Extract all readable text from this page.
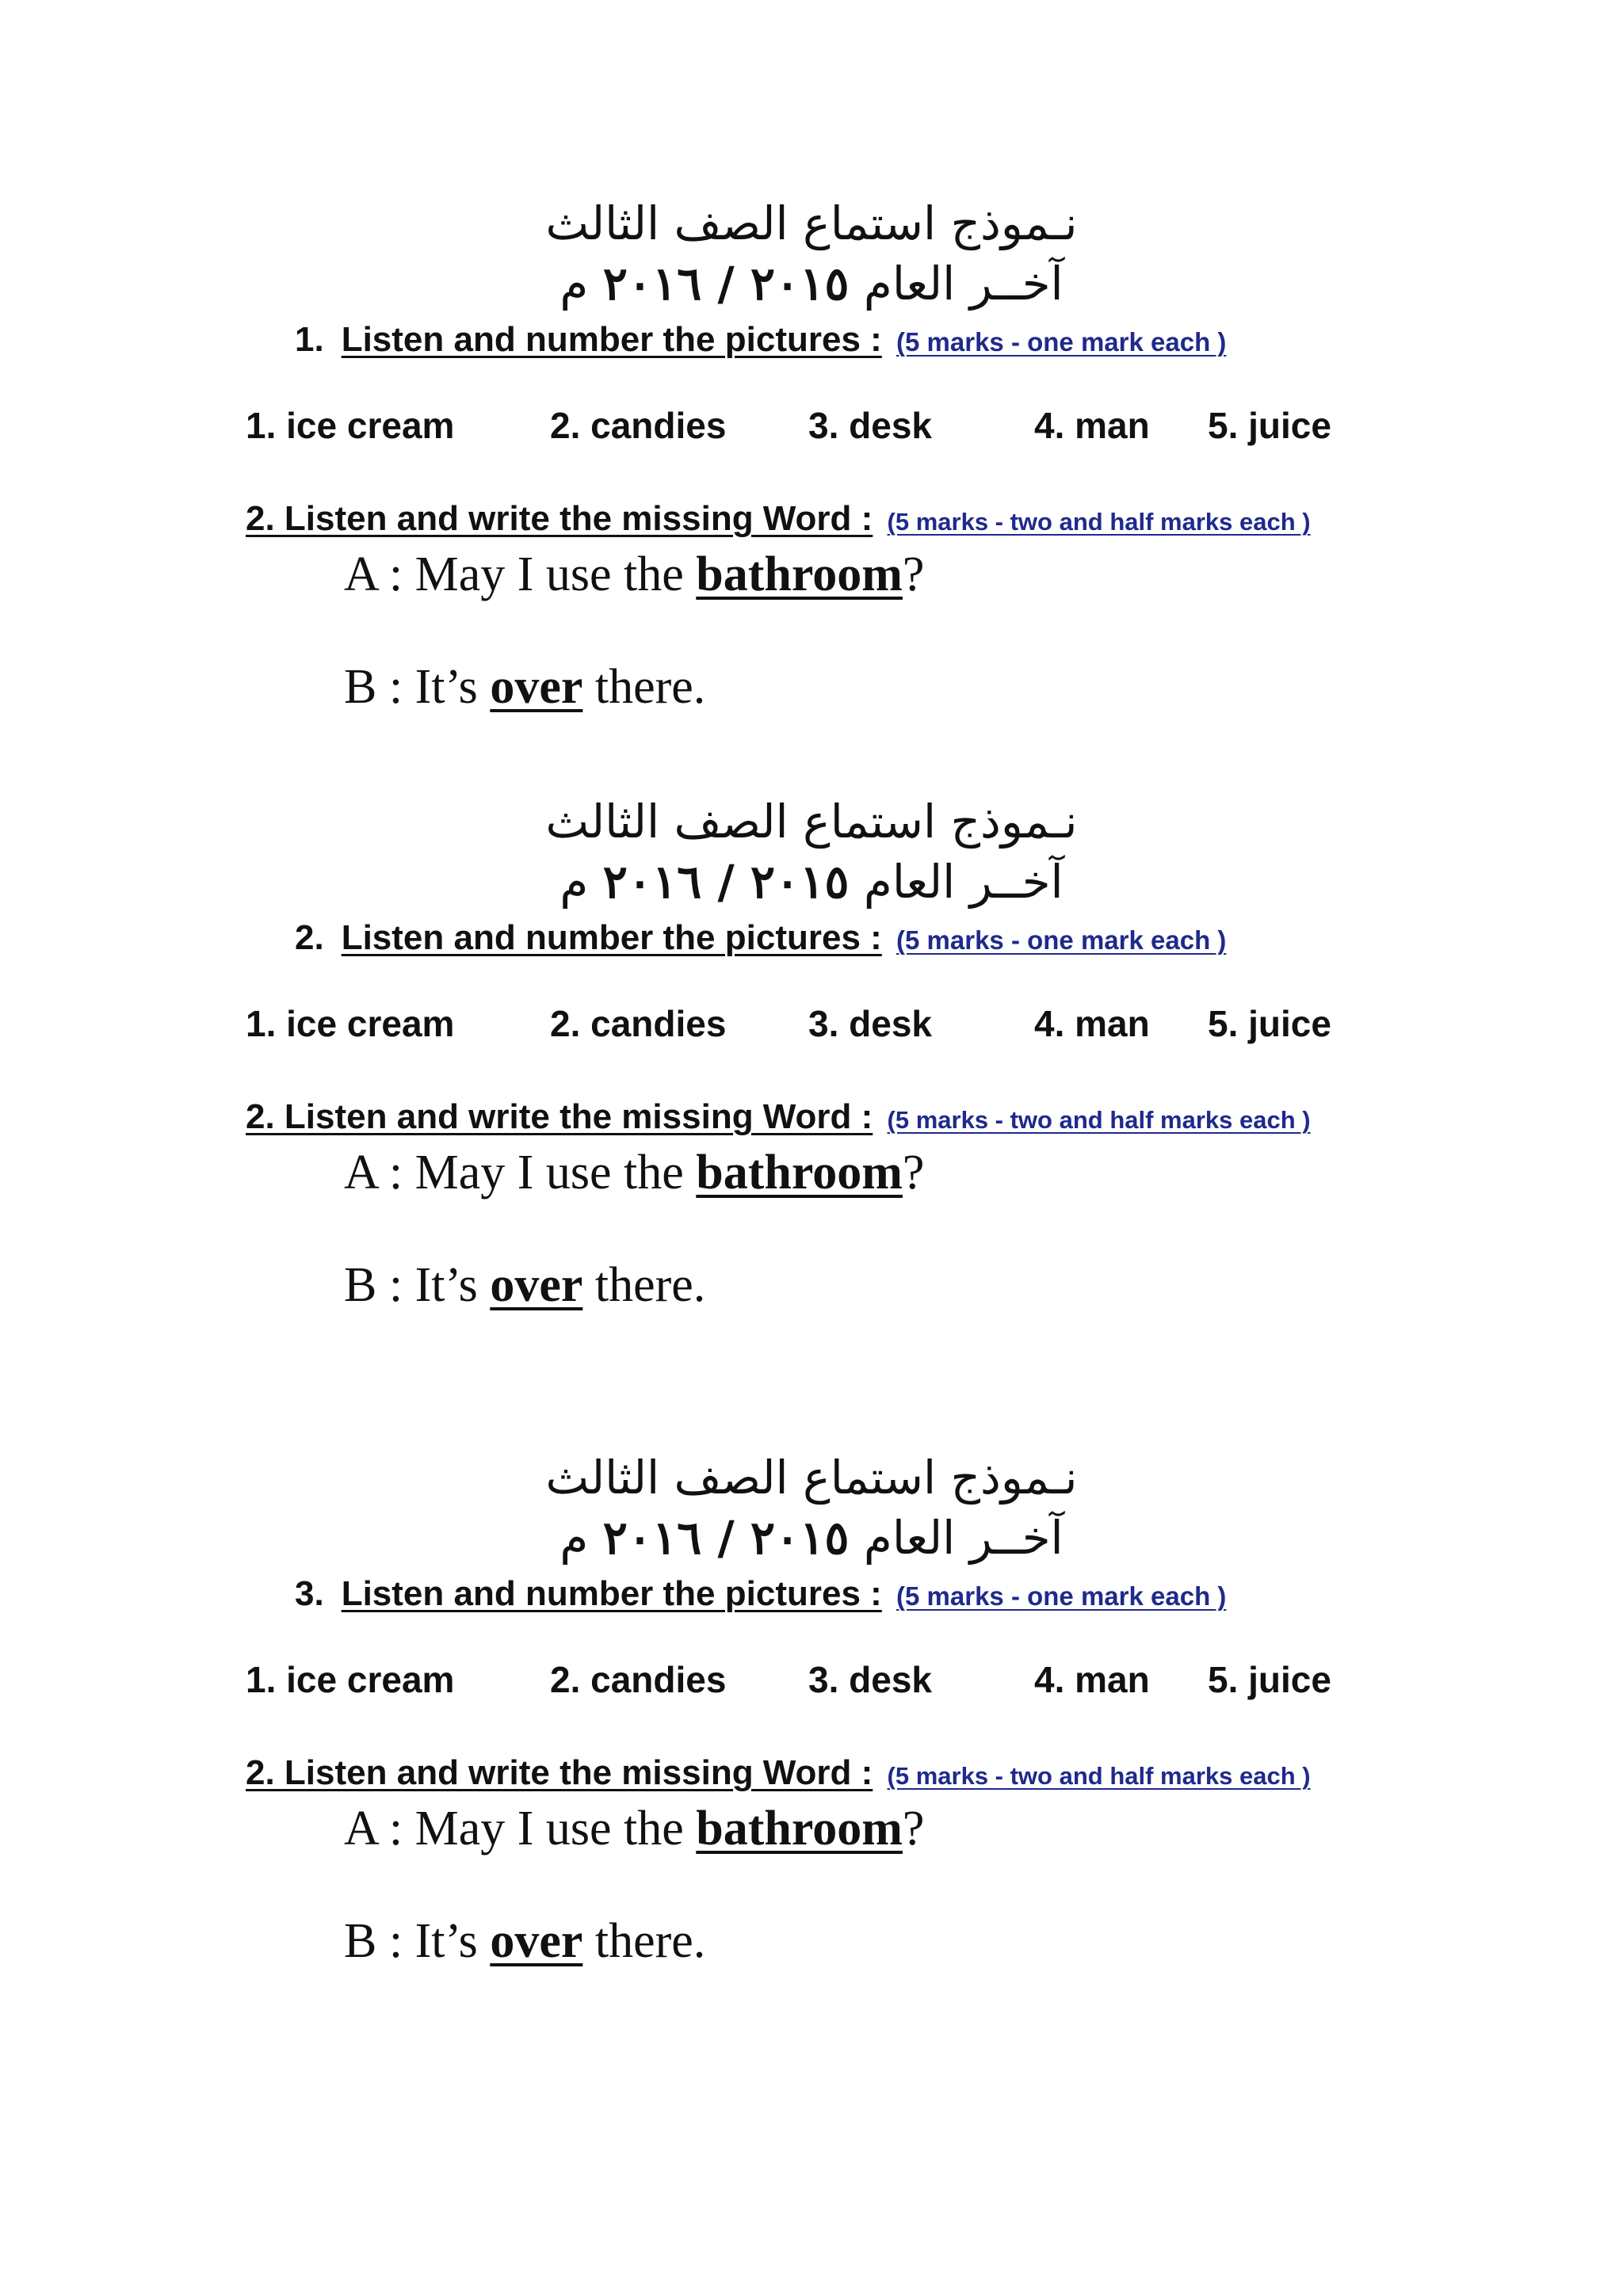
نـموذج استماع الصف الثالث
آخــر العام ٢٠١٥ / ٢٠١٦ م
1. Listen and number the pictures : (5 marks - one mark each )
1. ice cream	2. candies 3. desk	4. man 5. juice
2. Listen and write the missing Word : (5 marks - two and half marks each )
A : May I use the bathroom?
B : It’s over there.
نـموذج استماع الصف الثالث
آخــر العام ٢٠١٥ / ٢٠١٦ م
2. Listen and number the pictures : (5 marks - one mark each )
1. ice cream	2. candies 3. desk	4. man 5. juice
2. Listen and write the missing Word : (5 marks - two and half marks each )
A : May I use the bathroom?
B : It’s over there.
نـموذج استماع الصف الثالث
آخــر العام ٢٠١٥ / ٢٠١٦ م
3. Listen and number the pictures : (5 marks - one mark each )
1. ice cream	2. candies 3. desk	4. man 5. juice
2. Listen and write the missing Word : (5 marks - two and half marks each )
A : May I use the bathroom?
B : It’s over there.
